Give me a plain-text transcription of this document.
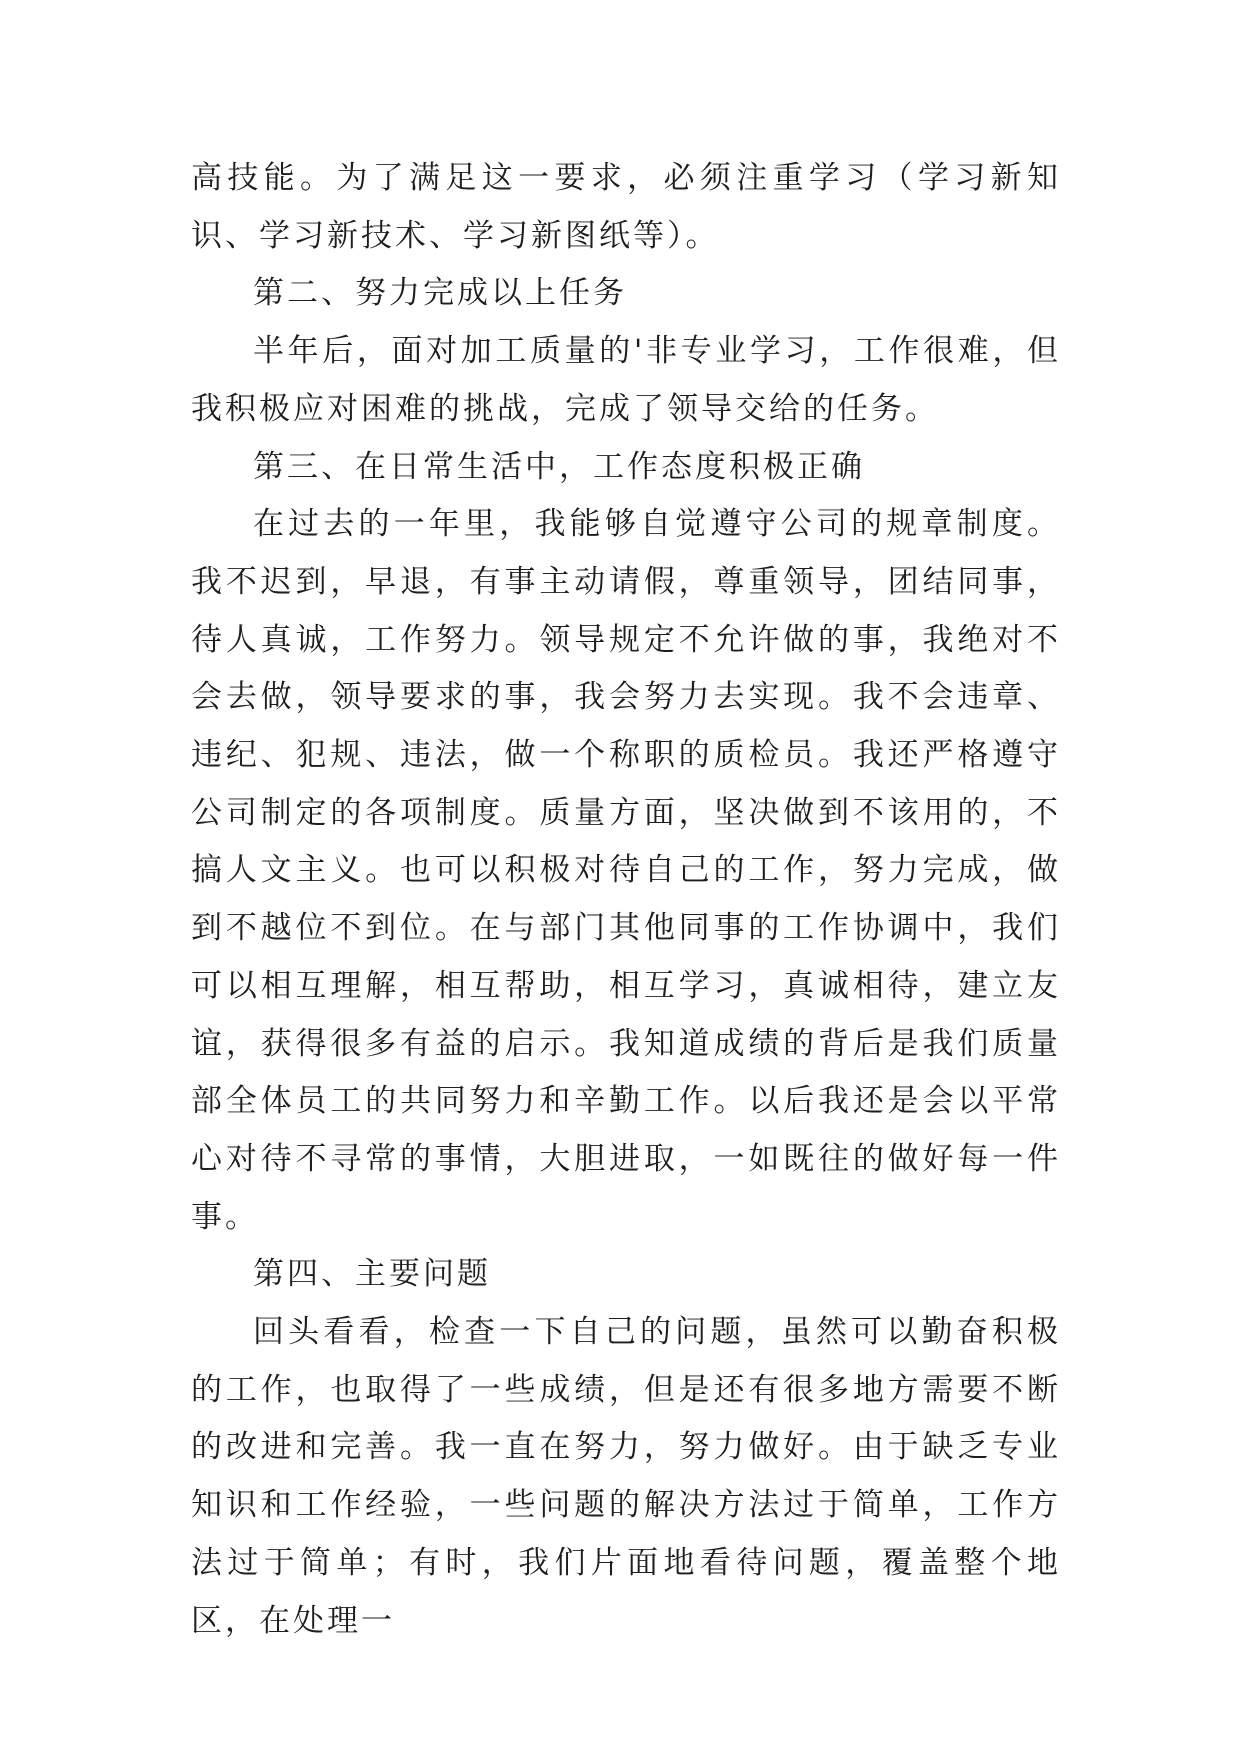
高技能。为了满足这一要求，必须注重学习（学习新知识、学习新技术、学习新图纸等）。

第二、努力完成以上任务

半年后，面对加工质量的'非专业学习，工作很难，但我积极应对困难的挑战，完成了领导交给的任务。

第三、在日常生活中，工作态度积极正确

在过去的一年里，我能够自觉遵守公司的规章制度。我不迟到，早退，有事主动请假，尊重领导，团结同事，待人真诚，工作努力。领导规定不允许做的事，我绝对不会去做，领导要求的事，我会努力去实现。我不会违章、违纪、犯规、违法，做一个称职的质检员。我还严格遵守公司制定的各项制度。质量方面，坚决做到不该用的，不搞人文主义。也可以积极对待自己的工作，努力完成，做到不越位不到位。在与部门其他同事的工作协调中，我们可以相互理解，相互帮助，相互学习，真诚相待，建立友谊，获得很多有益的启示。我知道成绩的背后是我们质量部全体员工的共同努力和辛勤工作。以后我还是会以平常心对待不寻常的事情，大胆进取，一如既往的做好每一件事。

第四、主要问题

回头看看，检查一下自己的问题，虽然可以勤奋积极的工作，也取得了一些成绩，但是还有很多地方需要不断的改进和完善。我一直在努力，努力做好。由于缺乏专业知识和工作经验，一些问题的解决方法过于简单，工作方法过于简单；有时，我们片面地看待问题，覆盖整个地区，在处理一
